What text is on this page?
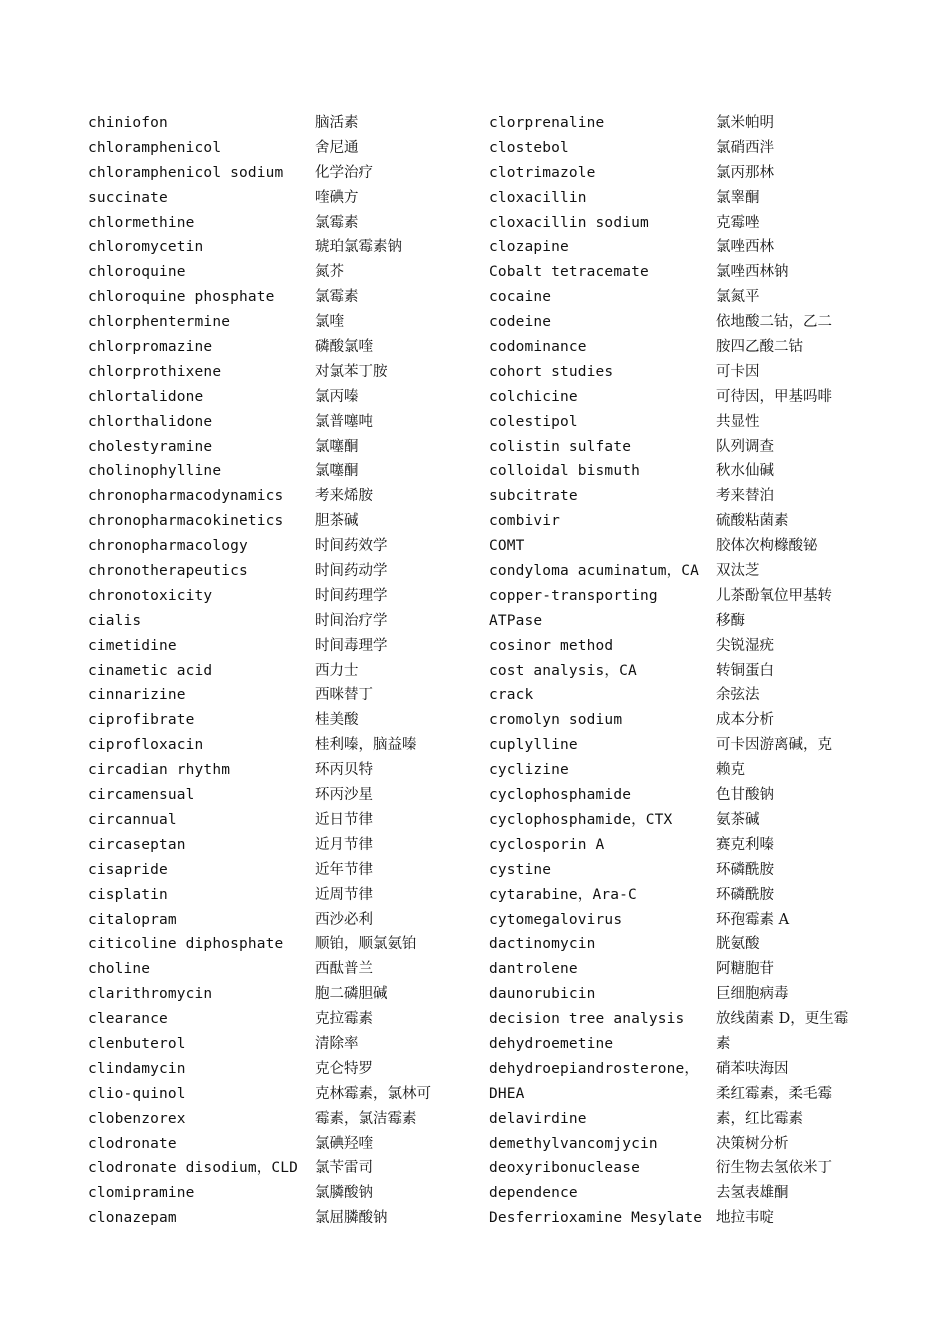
chiniofon
chloramphenicol
chloramphenicol sodium
succinate
chlormethine
chloromycetin
chloroquine
chloroquine phosphate
chlorphentermine
chlorpromazine
chlorprothixene
chlortalidone
chlorthalidone
cholestyramine
cholinophylline
chronopharmacodynamics
chronopharmacokinetics
chronopharmacology
chronotherapeutics
chronotoxicity
cialis
cimetidine
cinametic acid
cinnarizine
ciprofibrate
ciprofloxacin
circadian rhythm
circamensual
circannual
circaseptan
cisapride
cisplatin
citalopram
citicoline diphosphate
choline
clarithromycin
clearance
clenbuterol
clindamycin
clio-quinol
clobenzorex
clodronate
clodronate disodium，CLD
clomipramine
clonazepam
脑活素
舍尼通
化学治疗
喹碘方
氯霉素
琥珀氯霉素钠
氮芥
氯霉素
氯喹
磷酸氯喹
对氯苯丁胺
氯丙嗪
氯普噻吨
氯噻酮
氯噻酮
考来烯胺
胆茶碱
时间药效学
时间药动学
时间药理学
时间治疗学
时间毒理学
西力士
西咪替丁
桂美酸
桂利嗪，脑益嗪
环丙贝特
环丙沙星
近日节律
近月节律
近年节律
近周节律
西沙必利
顺铂，顺氯氨铂
西酞普兰
胞二磷胆碱
克拉霉素
清除率
克仑特罗
克林霉素，氯林可
霉素，氯洁霉素
氯碘羟喹
氯苄雷司
氯膦酸钠
氯屈膦酸钠
clorprenaline
clostebol
clotrimazole
cloxacillin
cloxacillin sodium
clozapine
Cobalt tetracemate
cocaine
codeine
codominance
cohort studies
colchicine
colestipol
colistin sulfate
colloidal bismuth
subcitrate
combivir
COMT
condyloma acuminatum，CA
copper-transporting
ATPase
cosinor method
cost analysis，CA
crack
cromolyn sodium
cuplylline
cyclizine
cyclophosphamide
cyclophosphamide，CTX
cyclosporin A
cystine
cytarabine，Ara-C
cytomegalovirus
dactinomycin
dantrolene
daunorubicin
decision tree analysis
dehydroemetine
dehydroepiandrosterone，
DHEA
delavirdine
demethylvancomjycin
deoxyribonuclease
dependence
Desferrioxamine Mesylate
氯米帕明
氯硝西泮
氯丙那林
氯睾酮
克霉唑
氯唑西林
氯唑西林钠
氯氮平
依地酸二钴，乙二
胺四乙酸二钴
可卡因
可待因，甲基吗啡
共显性
队列调查
秋水仙碱
考来替泊
硫酸粘菌素
胶体次枸橼酸铋
双汰芝
儿茶酚氧位甲基转
移酶
尖锐湿疣
转铜蛋白
余弦法
成本分析
可卡因游离碱，克
赖克
色甘酸钠
氨茶碱
赛克利嗪
环磷酰胺
环磷酰胺
环孢霉素 A
胱氨酸
阿糖胞苷
巨细胞病毒
放线菌素 D，更生霉
素
硝苯呋海因
柔红霉素，柔毛霉
素，红比霉素
决策树分析
衍生物去氢依米丁
去氢表雄酮
地拉韦啶
